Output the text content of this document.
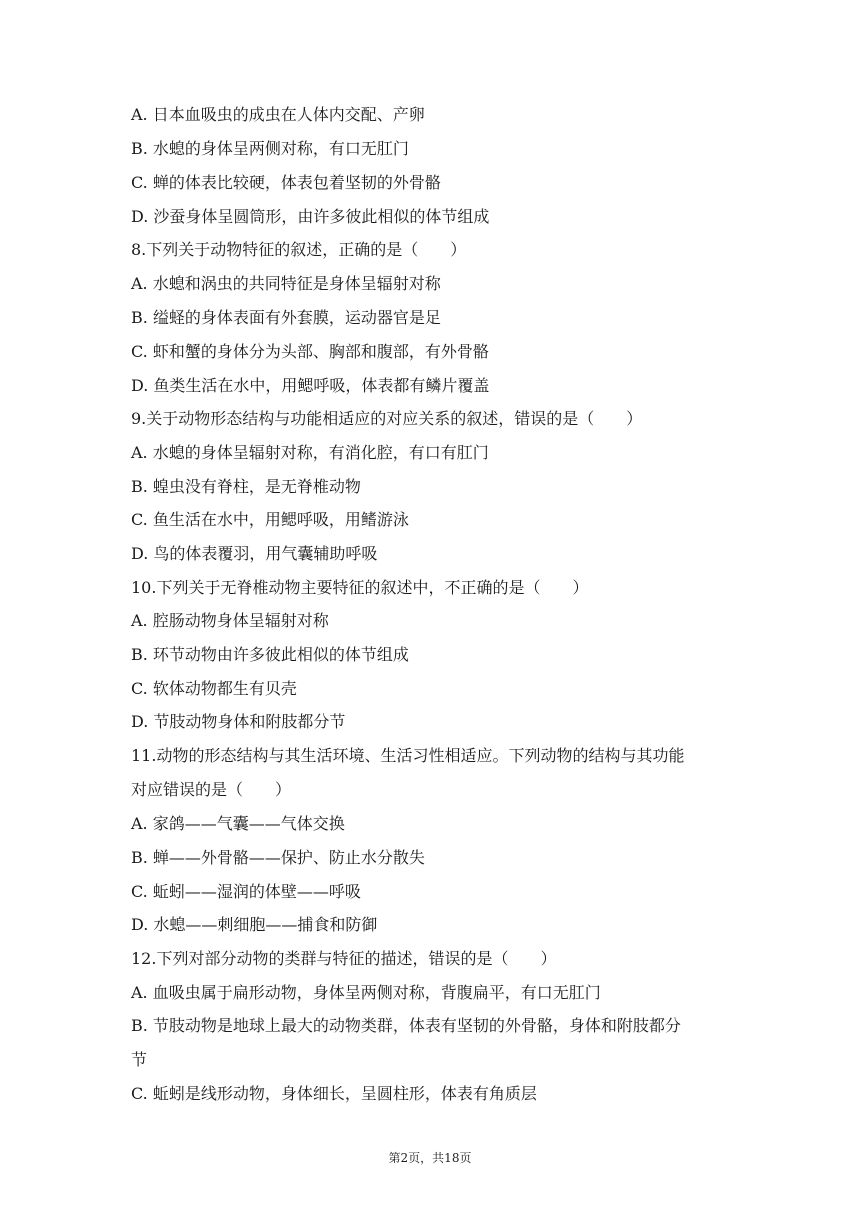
A. 日本血吸虫的成虫在人体内交配、产卵
B. 水螅的身体呈两侧对称，有口无肛门
C. 蝉的体表比较硬，体表包着坚韧的外骨骼
D. 沙蚕身体呈圆筒形，由许多彼此相似的体节组成
8.下列关于动物特征的叙述，正确的是（　　）
A. 水螅和涡虫的共同特征是身体呈辐射对称
B. 缢蛏的身体表面有外套膜，运动器官是足
C. 虾和蟹的身体分为头部、胸部和腹部，有外骨骼
D. 鱼类生活在水中，用鳃呼吸，体表都有鳞片覆盖
9.关于动物形态结构与功能相适应的对应关系的叙述，错误的是（　　）
A. 水螅的身体呈辐射对称，有消化腔，有口有肛门
B. 蝗虫没有脊柱，是无脊椎动物
C. 鱼生活在水中，用鳃呼吸，用鳍游泳
D. 鸟的体表覆羽，用气囊辅助呼吸
10.下列关于无脊椎动物主要特征的叙述中，不正确的是（　　）
A. 腔肠动物身体呈辐射对称
B. 环节动物由许多彼此相似的体节组成
C. 软体动物都生有贝壳
D. 节肢动物身体和附肢都分节
11.动物的形态结构与其生活环境、生活习性相适应。下列动物的结构与其功能
对应错误的是（　　）
A. 家鸽——气囊——气体交换
B. 蝉——外骨骼——保护、防止水分散失
C. 蚯蚓——湿润的体壁——呼吸
D. 水螅——刺细胞——捕食和防御
12.下列对部分动物的类群与特征的描述，错误的是（　　）
A. 血吸虫属于扁形动物，身体呈两侧对称，背腹扁平，有口无肛门
B. 节肢动物是地球上最大的动物类群，体表有坚韧的外骨骼，身体和附肢都分
节
C. 蚯蚓是线形动物，身体细长，呈圆柱形，体表有角质层
第2页，共18页
